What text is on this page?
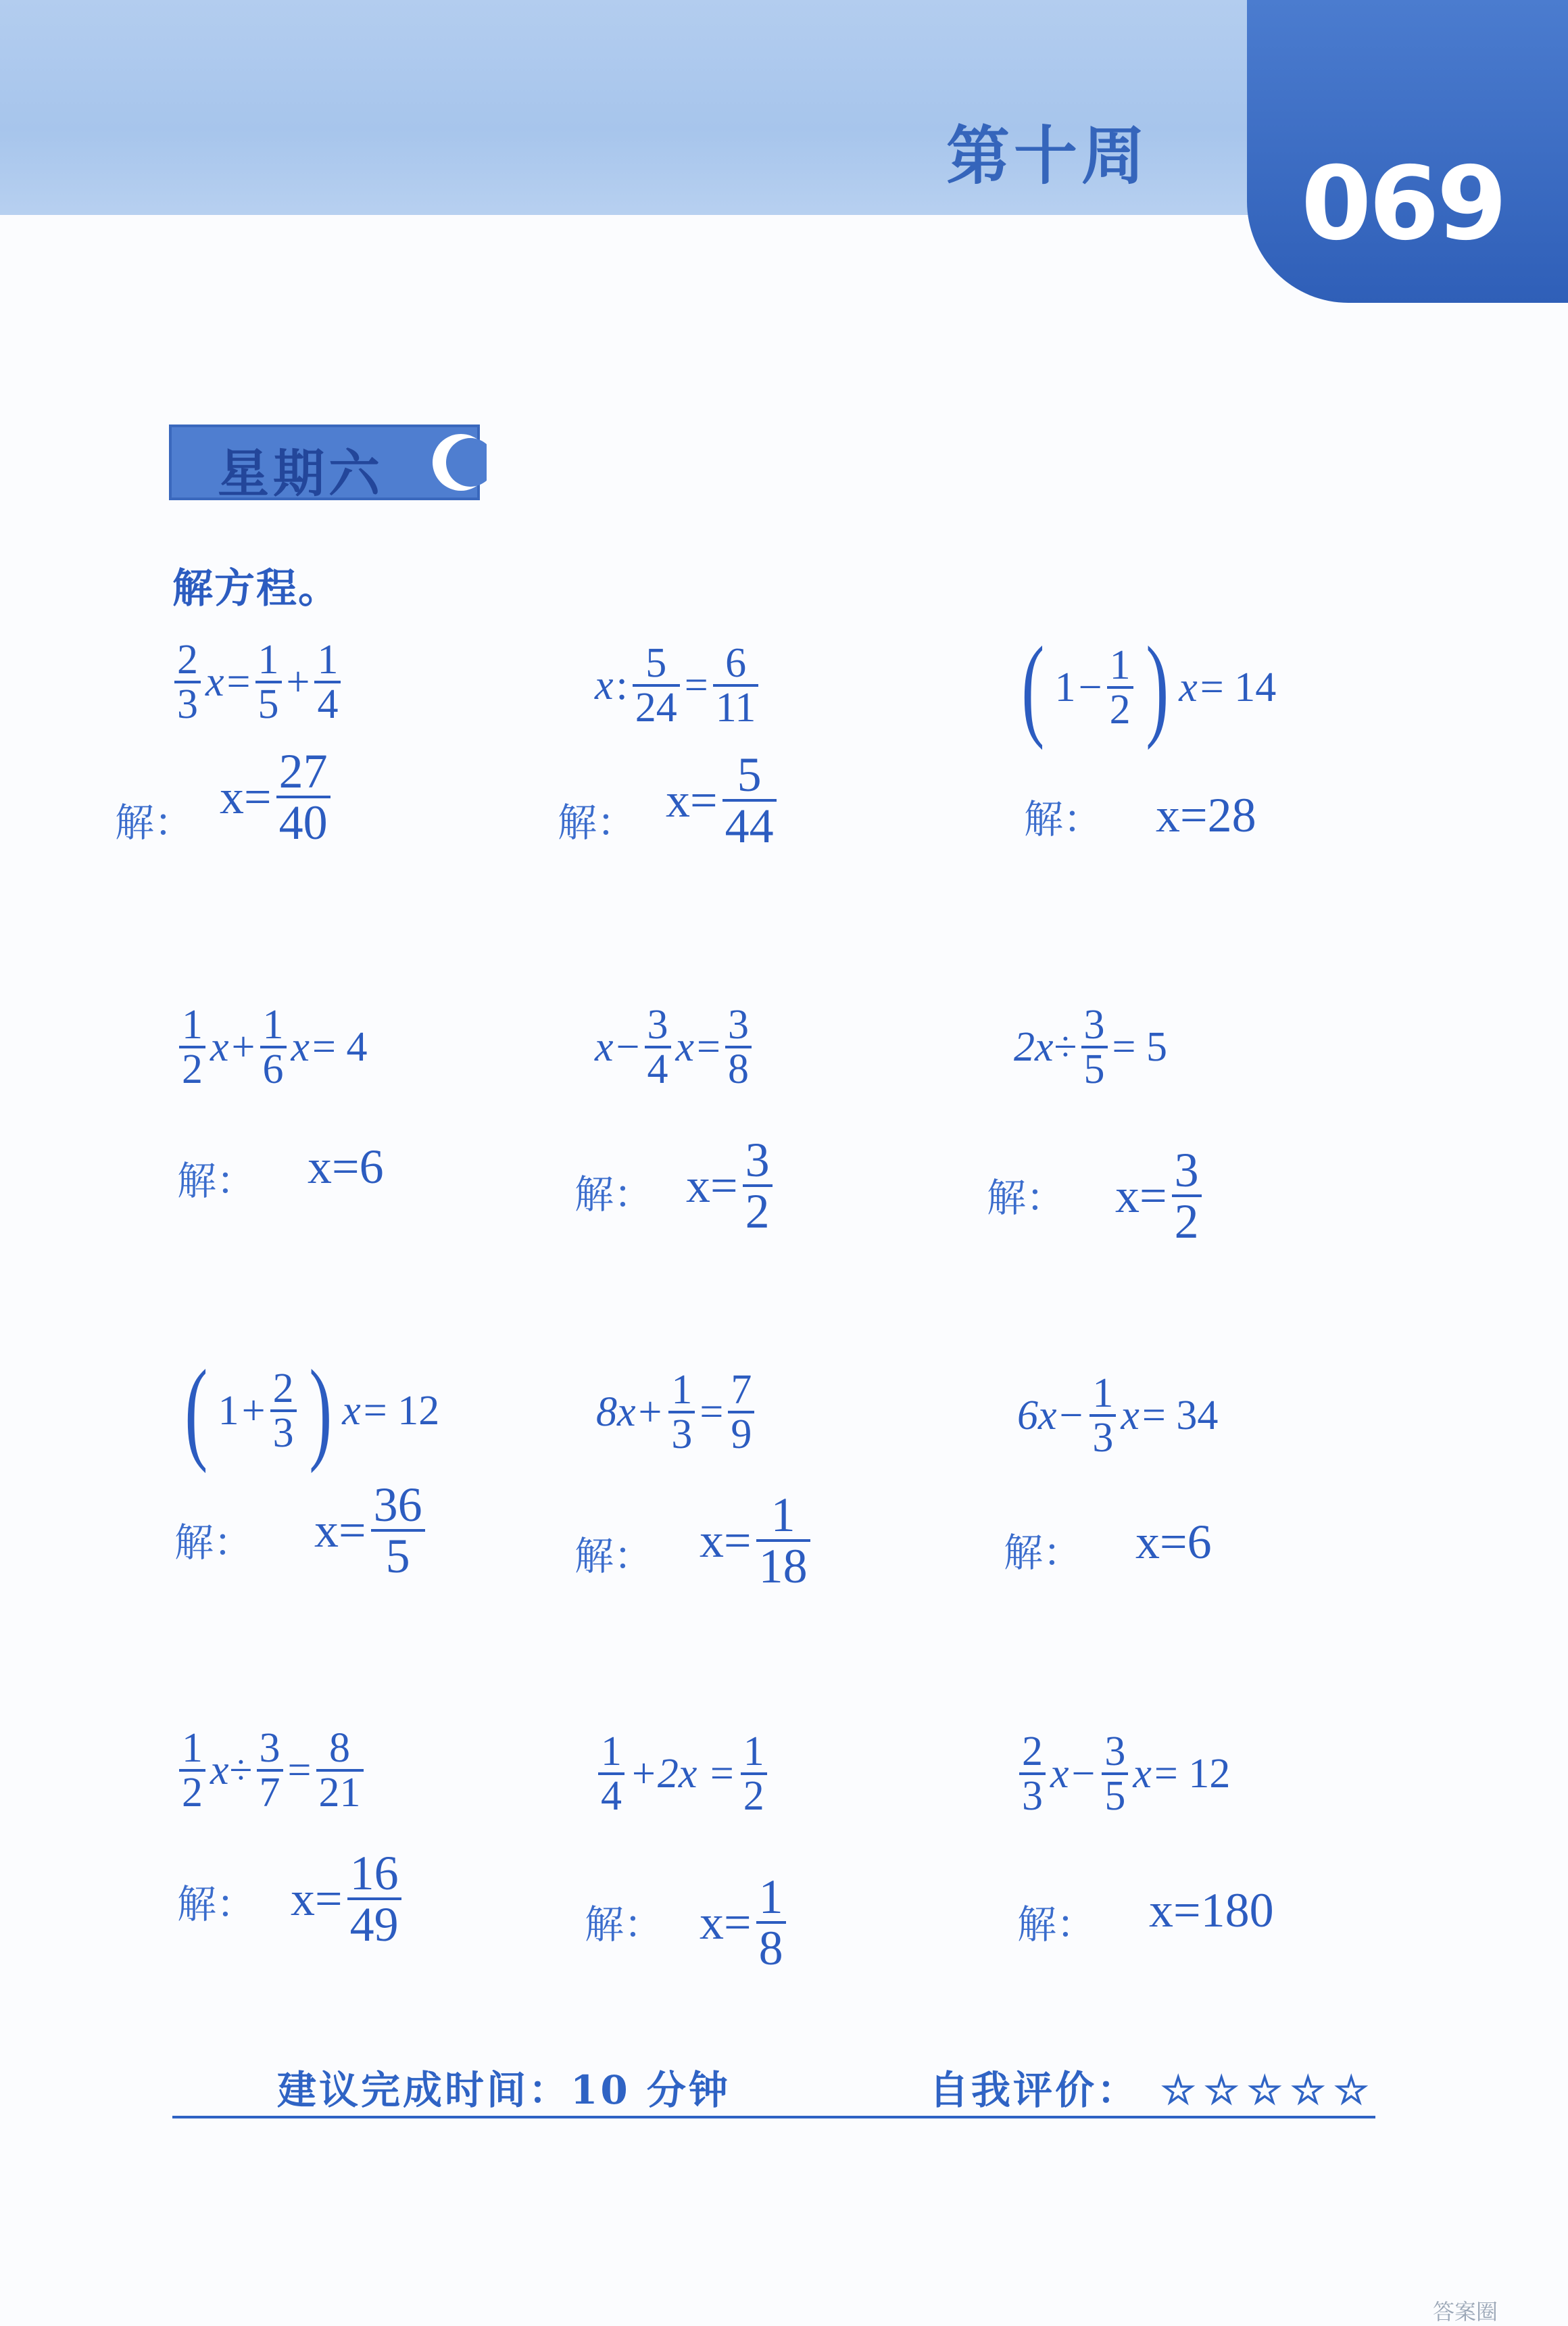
第十周 069
星期六
解方程。
$\frac{2}{3}$ $x = \frac{1}{5} + \frac{1}{4}$
解： $x= \frac{27}{40}$
x : $\frac{5}{24} = \frac{6}{11}$
解： $x= \frac{5}{44}$
( $1 - \frac{1}{2}$ ) x = 14
解： x=28
$\frac{1}{2}$ $x + \frac{1}{6}$ x = 4
解： x=6
$x - \frac{3}{4}$ $x = \frac{3}{8}$
解： $x= \frac{3}{2}$
$2x\div \frac{3}{5} = 5$
解： $x= \frac{3}{2}$
( $1 + \frac{2}{3}$ ) x = 12
解： $x= \frac{36}{5}$
$8x+ \frac{1}{3} = \frac{7}{9}$
解： $x= \frac{1}{18}$
$6x- \frac{1}{3}$ x = 34
解： x=6
$\frac{1}{2} x\div \frac{3}{7} = \frac{8}{21}$
解： $x= \frac{16}{49}$
$\frac{1}{4} +2x = \frac{1}{2}$
解： $x= \frac{1}{8}$
$\frac{2}{3} x- \frac{3}{5}$ x = 12
解： x=180
建议完成时间：10 分钟	自我评价： ☆ ☆ ☆ ☆ ☆
答案圈
